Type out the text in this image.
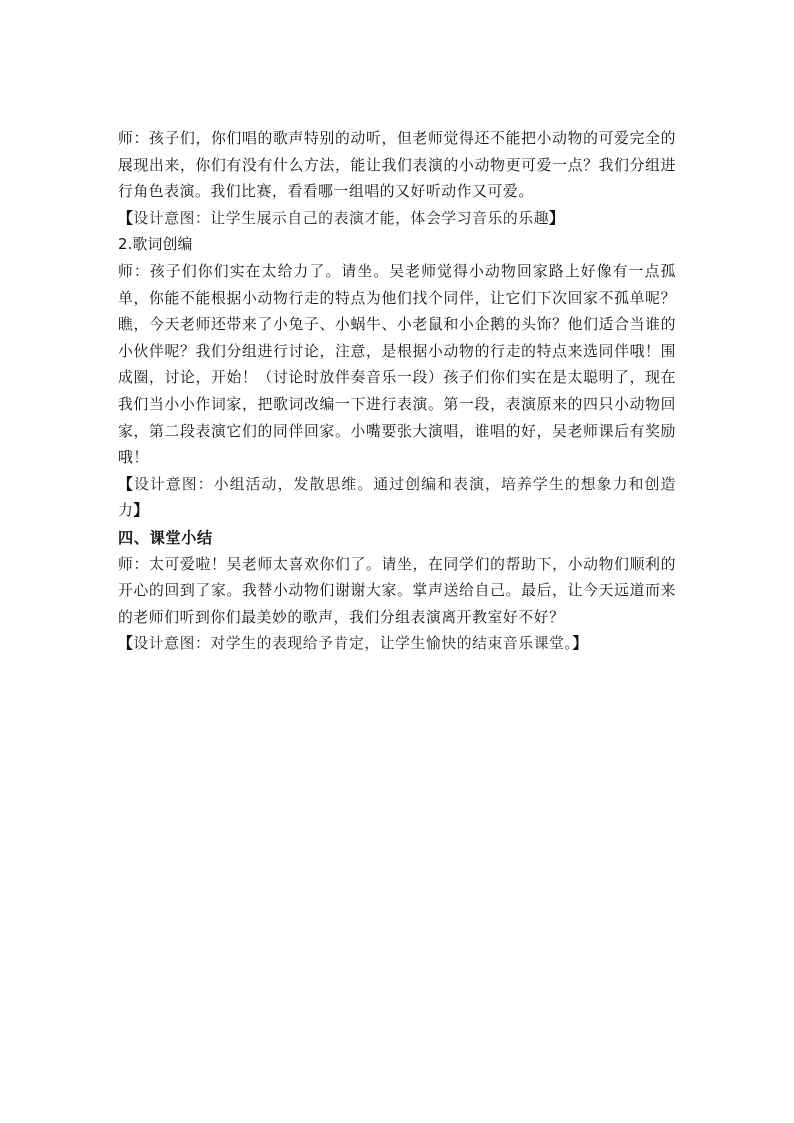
师：孩子们，你们唱的歌声特别的动听，但老师觉得还不能把小动物的可爱完全的展现出来，你们有没有什么方法，能让我们表演的小动物更可爱一点？我们分组进行角色表演。我们比赛，看看哪一组唱的又好听动作又可爱。

【设计意图：让学生展示自己的表演才能，体会学习音乐的乐趣】

2.歌词创编

师：孩子们你们实在太给力了。请坐。吴老师觉得小动物回家路上好像有一点孤单，你能不能根据小动物行走的特点为他们找个同伴，让它们下次回家不孤单呢？瞧，今天老师还带来了小兔子、小蜗牛、小老鼠和小企鹅的头饰？他们适合当谁的小伙伴呢？我们分组进行讨论，注意，是根据小动物的行走的特点来选同伴哦！围成圈，讨论，开始！（讨论时放伴奏音乐一段）孩子们你们实在是太聪明了，现在我们当小小作词家，把歌词改编一下进行表演。第一段，表演原来的四只小动物回家，第二段表演它们的同伴回家。小嘴要张大演唱，谁唱的好，吴老师课后有奖励哦！

【设计意图：小组活动，发散思维。通过创编和表演，培养学生的想象力和创造力】

四、课堂小结

师：太可爱啦！吴老师太喜欢你们了。请坐，在同学们的帮助下，小动物们顺利的开心的回到了家。我替小动物们谢谢大家。掌声送给自己。最后，让今天远道而来的老师们听到你们最美妙的歌声，我们分组表演离开教室好不好？

【设计意图：对学生的表现给予肯定，让学生愉快的结束音乐课堂。】
